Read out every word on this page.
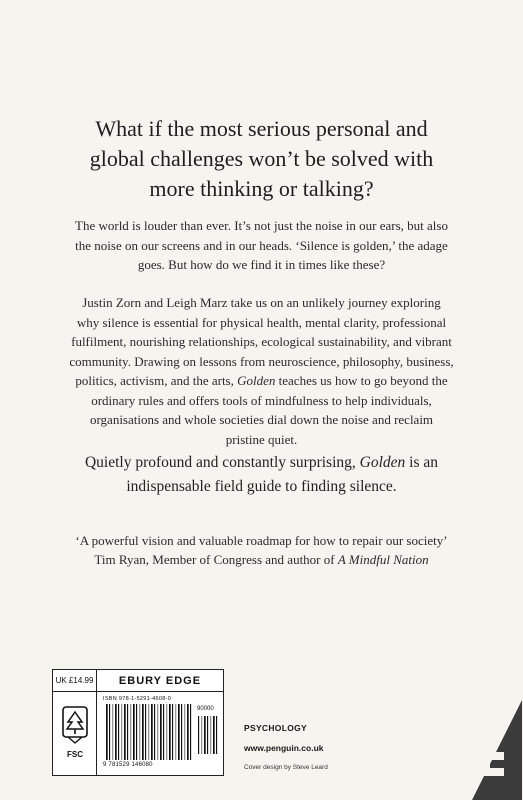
What if the most serious personal and
global challenges won’t be solved with
more thinking or talking?
The world is louder than ever. It’s not just the noise in our ears, but also
the noise on our screens and in our heads. ‘Silence is golden,’ the adage
goes. But how do we find it in times like these?
Justin Zorn and Leigh Marz take us on an unlikely journey exploring
why silence is essential for physical health, mental clarity, professional
fulfilment, nourishing relationships, ecological sustainability, and vibrant
community. Drawing on lessons from neuroscience, philosophy, business,
politics, activism, and the arts, Golden teaches us how to go beyond the
ordinary rules and offers tools of mindfulness to help individuals,
organisations and whole societies dial down the noise and reclaim
pristine quiet.
Quietly profound and constantly surprising, Golden is an
indispensable field guide to finding silence.
‘A powerful vision and valuable roadmap for how to repair our society’
Tim Ryan, Member of Congress and author of A Mindful Nation
UK £14.99	EBURY EDGE
FSC
ISBN 978-1-5291-4608-0
90000
9 781529 146080
PSYCHOLOGY
www.penguin.co.uk
Cover design by Steve Leard
